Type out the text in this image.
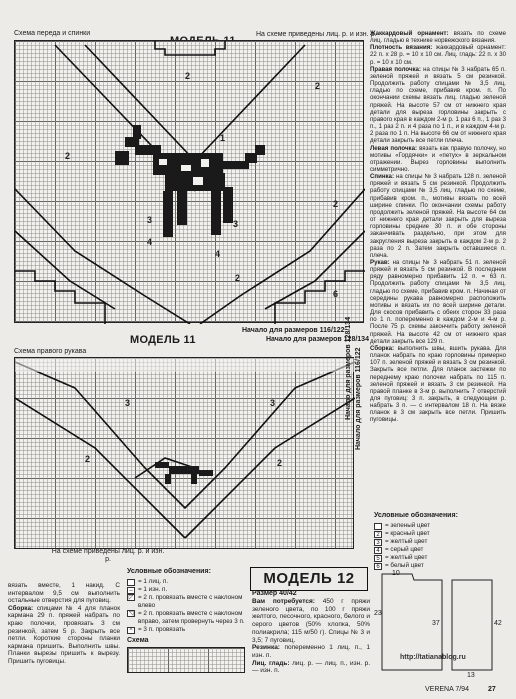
Схема переда и спинки	На схеме приведены лиц. р. и изн. р.
2
2
2
1
2
3	3
4
4
2
6
Начало для размеров 116/122
Начало для размеров 128/134
МОДЕЛЬ 11
Схема правого рукава
3	3
2	2
Начало для размеров 116/122
Начало для размеров 128/134
На схеме приведены лиц. р. и изн. р.

Жаккардовый орнамент: вязать по схеме лиц. гладью в технике норвежского вязания.

Плотность вязания: жаккардовый орнамент: 22 п. x 28 р. = 10 x 10 см. Лиц. гладь: 22 п. x 30 р. = 10 x 10 см.

Правая полочка: на спицы № 3 набрать 65 п. зеленой пряжей и вязать 5 см резинкой. Продолжить работу спицами № 3,5 лиц. гладью по схеме, прибавив кром. п. По окончании схемы вязать лиц. гладью зеленой пряжей. На высоте 57 см от нижнего края детали для выреза горловины закрыть с правого края в каждом 2-м р. 1 раз 6 п., 1 раз 3 п., 1 раз 2 п. и 4 раза по 1 п., и в каждом 4-м р. 2 раза по 1 п. На высоте 66 см от нижнего края детали закрыть все петли плеча.

Левая полочка: вязать как правую полочку, но мотивы «Гордячки» и «петух» в зеркальном отражении. Вырез горловины выполнить симметрично.

Спинка: на спицы № 3 набрать 128 п. зеленой пряжей и вязать 5 см резинкой. Продолжить работу спицами № 3,5 лиц. гладью по схеме, прибавив кром. п., мотивы вязать по всей ширине спинки. По окончании схемы работу продолжить зеленой пряжей. На высоте 64 см от нижнего края детали закрыть для выреза горловины средние 30 п. и обе стороны заканчивать раздельно, при этом для закругления выреза закрыть в каждом 2-м р. 2 раза по 2 п. Затем закрыть оставшиеся п. плеча.

Рукав: на спицы № 3 набрать 51 п. зеленой пряжей и вязать 5 см резинкой. В последнем ряду равномерно прибавить 12 п. = 63 п. Продолжить работу спицами № 3,5 лиц. гладью по схеме, прибавив кром. п. Начиная от середины рукава равномерно расположить мотивы и вязать их по всей ширине детали. Для скосов прибавить с обеих сторон 33 раза по 1 п. попеременно в каждом 2-м и 4-м р. После 75 р. схемы закончить работу зеленой пряжей. На высоте 42 см от нижнего края детали закрыть все 129 п.

Сборка: выполнить швы, вшить рукава. Для планок набрать по краю горловины примерно 107 п. зеленой пряжей и вязать 3 см резинкой. Закрыть все петли. Для планок застежки по переднему краю полочки набрать по 115 п. зеленой пряжей и вязать 3 см резинкой. На правой планке в 3-м р. выполнить 7 отверстий для пуговиц: 3 п. закрыть, в следующем р. набрать 3 п. — с интервалом 18 п. На вязке планок в 3 см закрыть все петли. Пришить пуговицы.

Условные обозначения:
= зеленый цвет
2 = красный цвет
3 = желтый цвет
4 = серый цвет
5 = желтый цвет
6 = белый цвет

вязать вместе, 1 накид. С интервалом 9,5 см выполнить остальные отверстия для пуговиц.

Сборка: спицами № 4 для планок кармана 29 п. пряжей набрать по краю полочки, провязать 3 см резинкой, затем 5 р. Закрыть все петли. Короткие стороны планки кармана пришить. Выполнить швы. Планки вырезы пришить к вырезу. Пришить пуговицы.

Условные обозначения:
= 1 лиц. п.
– = 1 изн. п.
◸ = 2 п. провязать вместе с наклоном влево
◹ = 2 п. провязать вместе с наклоном вправо, затем провернуть через 3 п.
^ = 3 п. провязать
Схема
МОДЕЛЬ 12

Размер 40/42

Вам потребуется: 450 г пряжи зеленого цвета, по 100 г пряжи желтого, песочного, красного, белого и серого цветов (50% хлопка, 50% полиакрила; 115 м/50 г). Спицы № 3 и 3,5; 7 пуговиц.

Резинка: попеременно 1 лиц. п., 1 изн. п.

Лиц. гладь: лиц. р. — лиц. п., изн. р. — изн. п.

10
23
37	42
13
http://tatianablog.ru
VERENA 7/94	27
